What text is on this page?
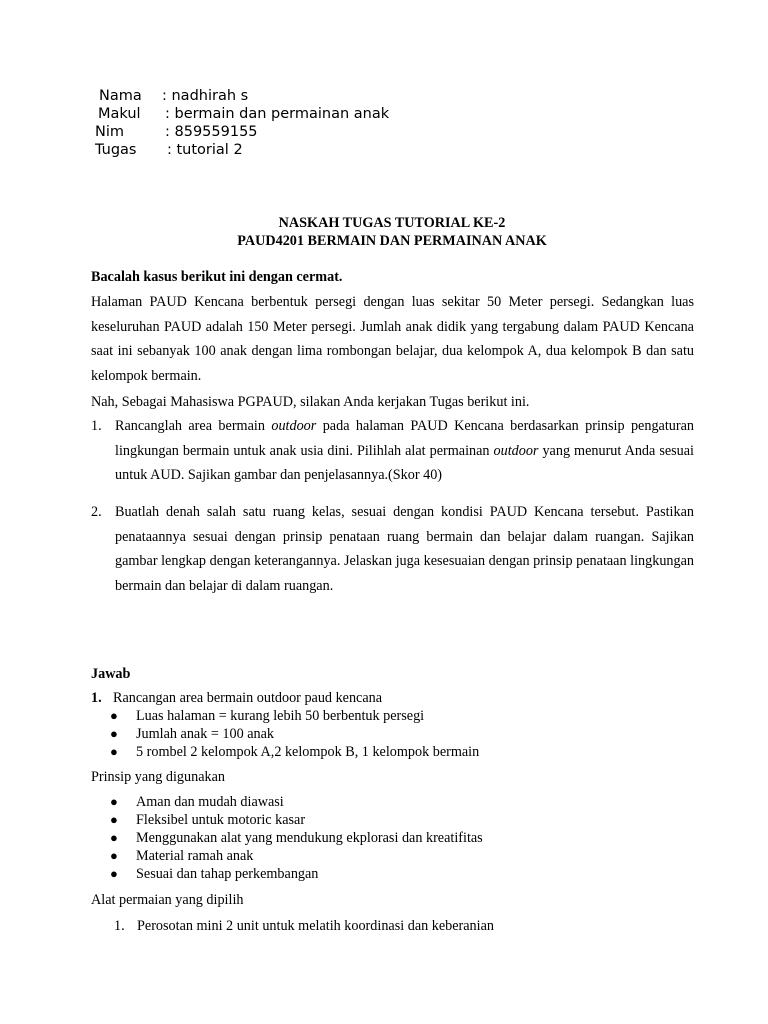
Nama : nadhirah s
Makul : bermain dan permainan anak
Nim	: 859559155
Tugas : tutorial 2
NASKAH TUGAS TUTORIAL KE-2
PAUD4201 BERMAIN DAN PERMAINAN ANAK
Bacalah kasus berikut ini dengan cermat.
Halaman PAUD Kencana berbentuk persegi dengan luas sekitar 50 Meter persegi. Sedangkan luas keseluruhan PAUD adalah 150 Meter persegi. Jumlah anak didik yang tergabung dalam PAUD Kencana saat ini sebanyak 100 anak dengan lima rombongan belajar, dua kelompok A, dua kelompok B dan satu kelompok bermain.
Nah, Sebagai Mahasiswa PGPAUD, silakan Anda kerjakan Tugas berikut ini.
1. Rancanglah area bermain outdoor pada halaman PAUD Kencana berdasarkan prinsip pengaturan lingkungan bermain untuk anak usia dini. Pilihlah alat permainan outdoor yang menurut Anda sesuai untuk AUD. Sajikan gambar dan penjelasannya.(Skor 40)
2. Buatlah denah salah satu ruang kelas, sesuai dengan kondisi PAUD Kencana tersebut. Pastikan penataannya sesuai dengan prinsip penataan ruang bermain dan belajar dalam ruangan. Sajikan gambar lengkap dengan keterangannya. Jelaskan juga kesesuaian dengan prinsip penataan lingkungan bermain dan belajar di dalam ruangan.
Jawab
1. Rancangan area bermain outdoor paud kencana
● Luas halaman = kurang lebih 50 berbentuk persegi
● Jumlah anak = 100 anak
● 5 rombel 2 kelompok A,2 kelompok B, 1 kelompok bermain
Prinsip yang digunakan
● Aman dan mudah diawasi
● Fleksibel untuk motoric kasar
● Menggunakan alat yang mendukung ekplorasi dan kreatifitas
● Material ramah anak
● Sesuai dan tahap perkembangan
Alat permaian yang dipilih
1. Perosotan mini 2 unit untuk melatih koordinasi dan keberanian
